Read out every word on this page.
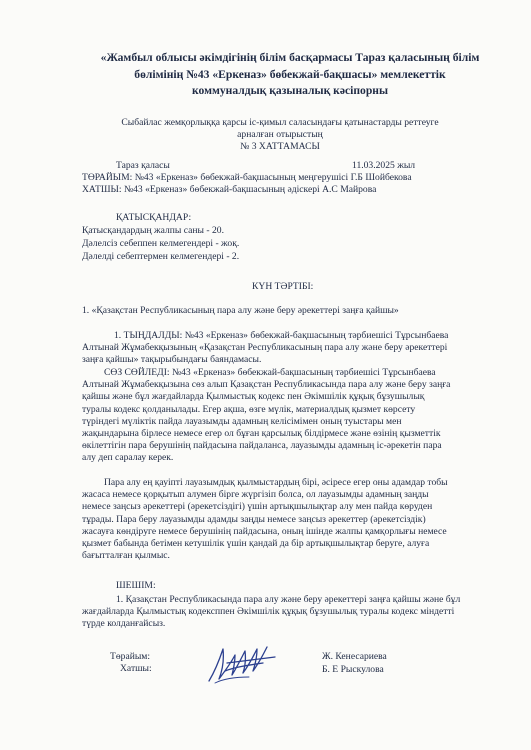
«Жамбыл облысы әкімдігінің білім басқармасы Тараз қаласының білім
бөлімінің №43 «Еркеназ» бөбекжай-бақшасы» мемлекеттік
коммуналдық қазыналық кәсіпорны
Сыбайлас жемқорлыққа қарсы іс-қимыл саласындағы қатынастарды реттеуге
арналған отырыстың
№ 3 ХАТТАМАСЫ
Тараз қаласы	11.03.2025 жыл
ТӨРАЙЫМ: №43 «Еркеназ» бөбекжай-бақшасының меңгерушісі Г.Б Шойбекова
ХАТШЫ: №43 «Еркеназ» бөбекжай-бақшасының әдіскері А.С Майрова
ҚАТЫСҚАНДАР:
Қатысқандардың жалпы саны - 20.
Дәлелсіз себеппен келмегендері - жоқ.
Дәлелді себептермен келмегендері - 2.
КҮН ТӘРТІБІ:
1. «Қазақстан Республикасының пара алу және беру әрекеттері заңға қайшы»
1. ТЫҢДАЛДЫ: №43 «Еркеназ» бөбекжай-бақшасының тәрбиешісі Тұрсынбаева
Алтынай Жұмабекқызының «Қазақстан Республикасының пара алу және беру әрекеттері
заңға қайшы» тақырыбындағы баяндамасы.
СӨЗ СӨЙЛЕДІ: №43 «Еркеназ» бөбекжай-бақшасының тәрбиешісі Тұрсынбаева
Алтынай Жұмабекқызына сөз алып Қазақстан Республикасында пара алу және беру заңға
қайшы және бұл жағдайларда Қылмыстық кодекс пен Әкімшілік құқық бұзушылық
туралы кодекс қолданылады. Егер ақша, өзге мүлік, материалдық қызмет көрсету
түріндегі мүліктік пайда лауазымды адамның келісімімен оның туыстары мен
жақындарына бірлесе немесе егер ол бұған қарсылық білдірмесе және өзінің қызметтік
өкілеттігін пара берушінің пайдасына пайдаланса, лауазымды адамның іс-әрекетін пара
алу деп саралау керек.
Пара алу ең қауіпті лауазымдық қылмыстардың бірі, әсіресе егер оны адамдар тобы
жасаса немесе қорқытып алумен бірге жүргізіп болса, ол лауазымды адамның заңды
немесе заңсыз әрекеттері (әрекетсіздігі) үшін артықшылықтар алу мен пайда көруден
тұрады. Пара беру лауазымды адамды заңды немесе заңсыз әрекеттер (әрекетсіздік)
жасауға көндіруге немесе берушінің пайдасына, оның ішінде жалпы қамқорлығы немесе
қызмет бабында бетімен кетушілік үшін қандай да бір артықшылықтар беруге, алуға
бағытталған қылмыс.
ШЕШІМ:
1. Қазақстан Республикасында пара алу және беру әрекеттері заңға қайшы және бұл
жағдайларда Қылмыстық кодексппен Әкімшілік құқық бұзушылық туралы кодекс міндетті
түрде колданғайсыз.
Төрайым:
Хатшы:
Ж. Кенесариева
Б. Е Рыскулова
